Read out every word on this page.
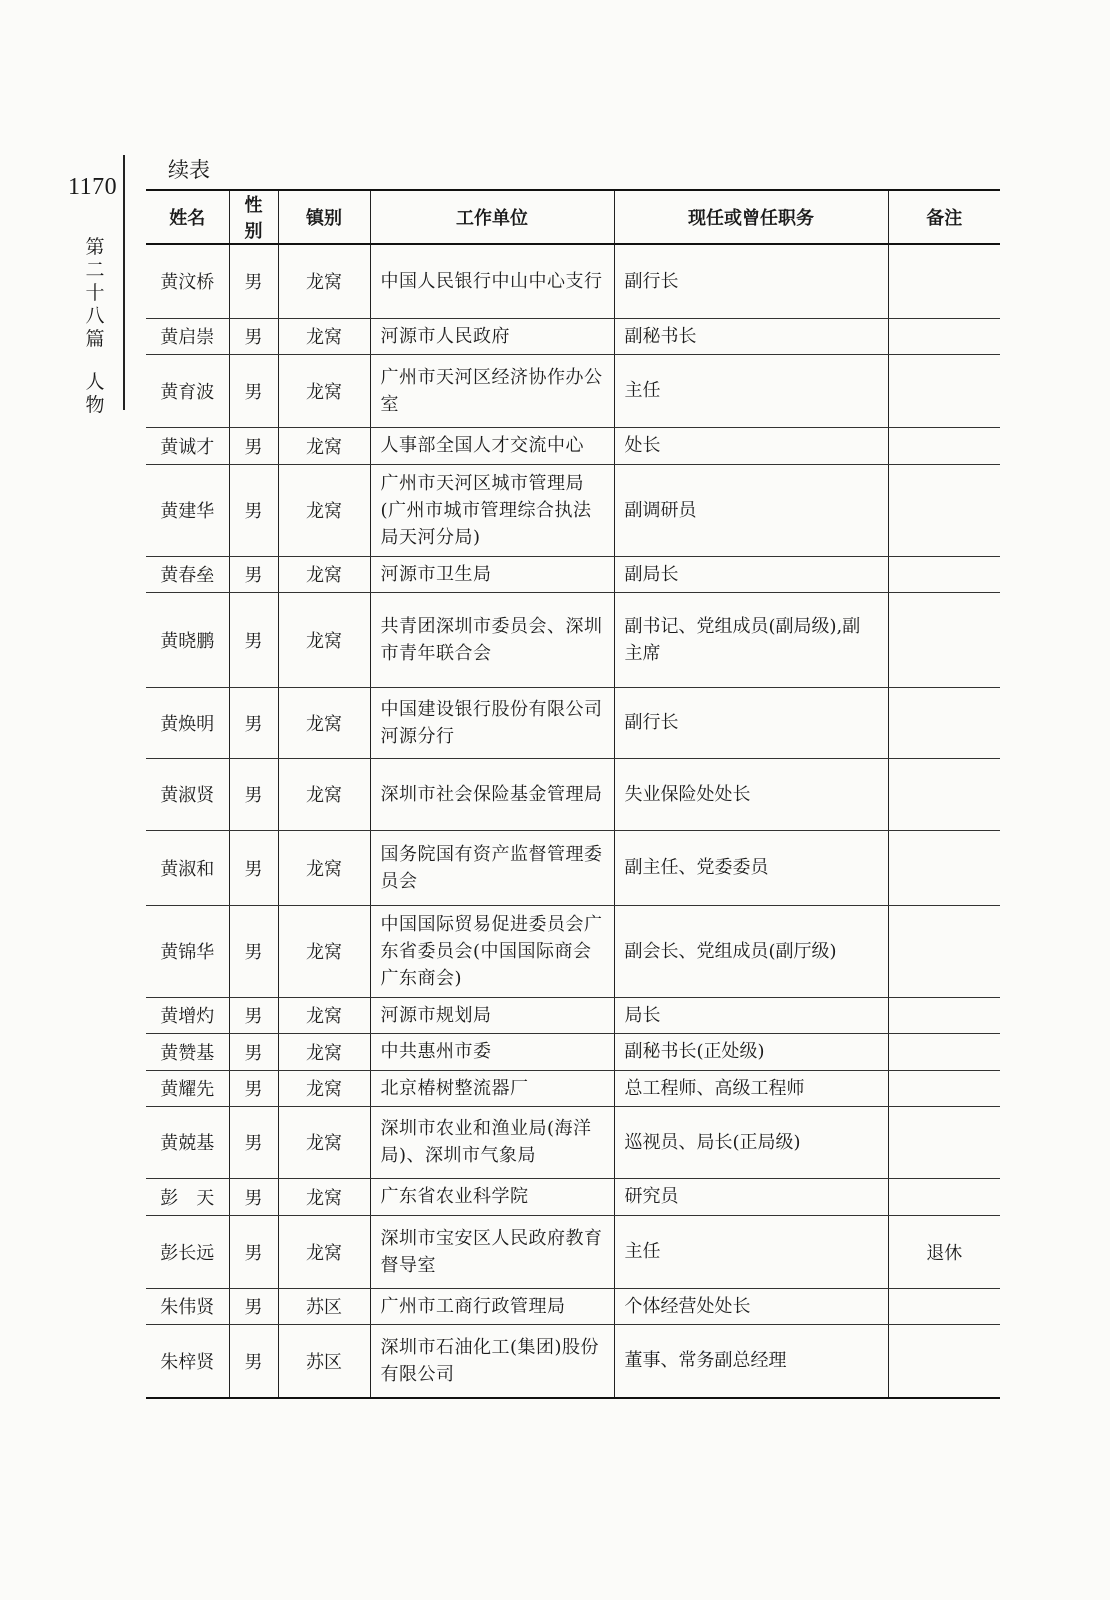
1170
第
二
十
八
篇
人
物
续表
姓名	性别	镇别	工作单位	现任或曾任职务	备注
黄汶桥	男	龙窝	中国人民银行中山中心支行	副行长	
黄启崇	男	龙窝	河源市人民政府	副秘书长	
黄育波	男	龙窝	广州市天河区经济协作办公室	主任	
黄诚才	男	龙窝	人事部全国人才交流中心	处长	
黄建华	男	龙窝	广州市天河区城市管理局(广州市城市管理综合执法局天河分局)	副调研员	
黄春垒	男	龙窝	河源市卫生局	副局长	
黄晓鹏	男	龙窝	共青团深圳市委员会、深圳市青年联合会	副书记、党组成员(副局级),副主席	
黄焕明	男	龙窝	中国建设银行股份有限公司河源分行	副行长	
黄淑贤	男	龙窝	深圳市社会保险基金管理局	失业保险处处长	
黄淑和	男	龙窝	国务院国有资产监督管理委员会	副主任、党委委员	
黄锦华	男	龙窝	中国国际贸易促进委员会广东省委员会(中国国际商会广东商会)	副会长、党组成员(副厅级)	
黄增灼	男	龙窝	河源市规划局	局长	
黄赞基	男	龙窝	中共惠州市委	副秘书长(正处级)	
黄耀先	男	龙窝	北京椿树整流器厂	总工程师、高级工程师	
黄兢基	男	龙窝	深圳市农业和渔业局(海洋局)、深圳市气象局	巡视员、局长(正局级)	
彭　天	男	龙窝	广东省农业科学院	研究员	
彭长远	男	龙窝	深圳市宝安区人民政府教育督导室	主任	退休
朱伟贤	男	苏区	广州市工商行政管理局	个体经营处处长	
朱梓贤	男	苏区	深圳市石油化工(集团)股份有限公司	董事、常务副总经理	
